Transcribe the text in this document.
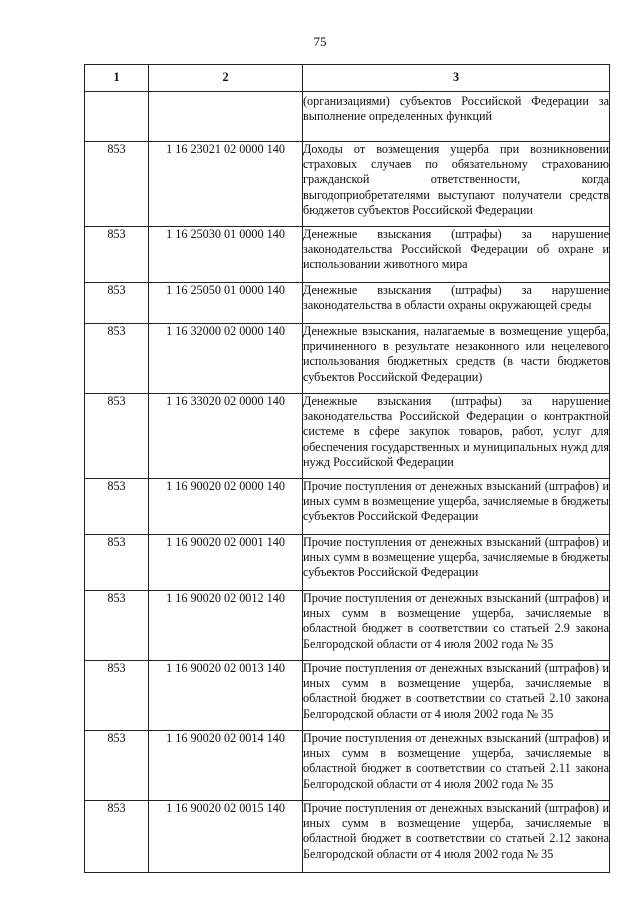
75
1	2	3
		(организациями) субъектов Российской Федерации за выполнение определенных функций
853	1 16 23021 02 0000 140	Доходы от возмещения ущерба при возникновении страховых случаев по обязательному страхованию гражданской ответственности, когда выгодоприобретателями выступают получатели средств бюджетов субъектов Российской Федерации
853	1 16 25030 01 0000 140	Денежные взыскания (штрафы) за нарушение законодательства Российской Федерации об охране и использовании животного мира
853	1 16 25050 01 0000 140	Денежные взыскания (штрафы) за нарушение законодательства в области охраны окружающей среды
853	1 16 32000 02 0000 140	Денежные взыскания, налагаемые в возмещение ущерба, причиненного в результате незаконного или нецелевого использования бюджетных средств (в части бюджетов субъектов Российской Федерации)
853	1 16 33020 02 0000 140	Денежные взыскания (штрафы) за нарушение законодательства Российской Федерации о контрактной системе в сфере закупок товаров, работ, услуг для обеспечения государственных и муниципальных нужд для нужд Российской Федерации
853	1 16 90020 02 0000 140	Прочие поступления от денежных взысканий (штрафов) и иных сумм в возмещение ущерба, зачисляемые в бюджеты субъектов Российской Федерации
853	1 16 90020 02 0001 140	Прочие поступления от денежных взысканий (штрафов) и иных сумм в возмещение ущерба, зачисляемые в бюджеты субъектов Российской Федерации
853	1 16 90020 02 0012 140	Прочие поступления от денежных взысканий (штрафов) и иных сумм в возмещение ущерба, зачисляемые в областной бюджет в соответствии со статьей 2.9 закона Белгородской области от 4 июля 2002 года № 35
853	1 16 90020 02 0013 140	Прочие поступления от денежных взысканий (штрафов) и иных сумм в возмещение ущерба, зачисляемые в областной бюджет в соответствии со статьей 2.10 закона Белгородской области от 4 июля 2002 года № 35
853	1 16 90020 02 0014 140	Прочие поступления от денежных взысканий (штрафов) и иных сумм в возмещение ущерба, зачисляемые в областной бюджет в соответствии со статьей 2.11 закона Белгородской области от 4 июля 2002 года № 35
853	1 16 90020 02 0015 140	Прочие поступления от денежных взысканий (штрафов) и иных сумм в возмещение ущерба, зачисляемые в областной бюджет в соответствии со статьей 2.12 закона Белгородской области от 4 июля 2002 года № 35
